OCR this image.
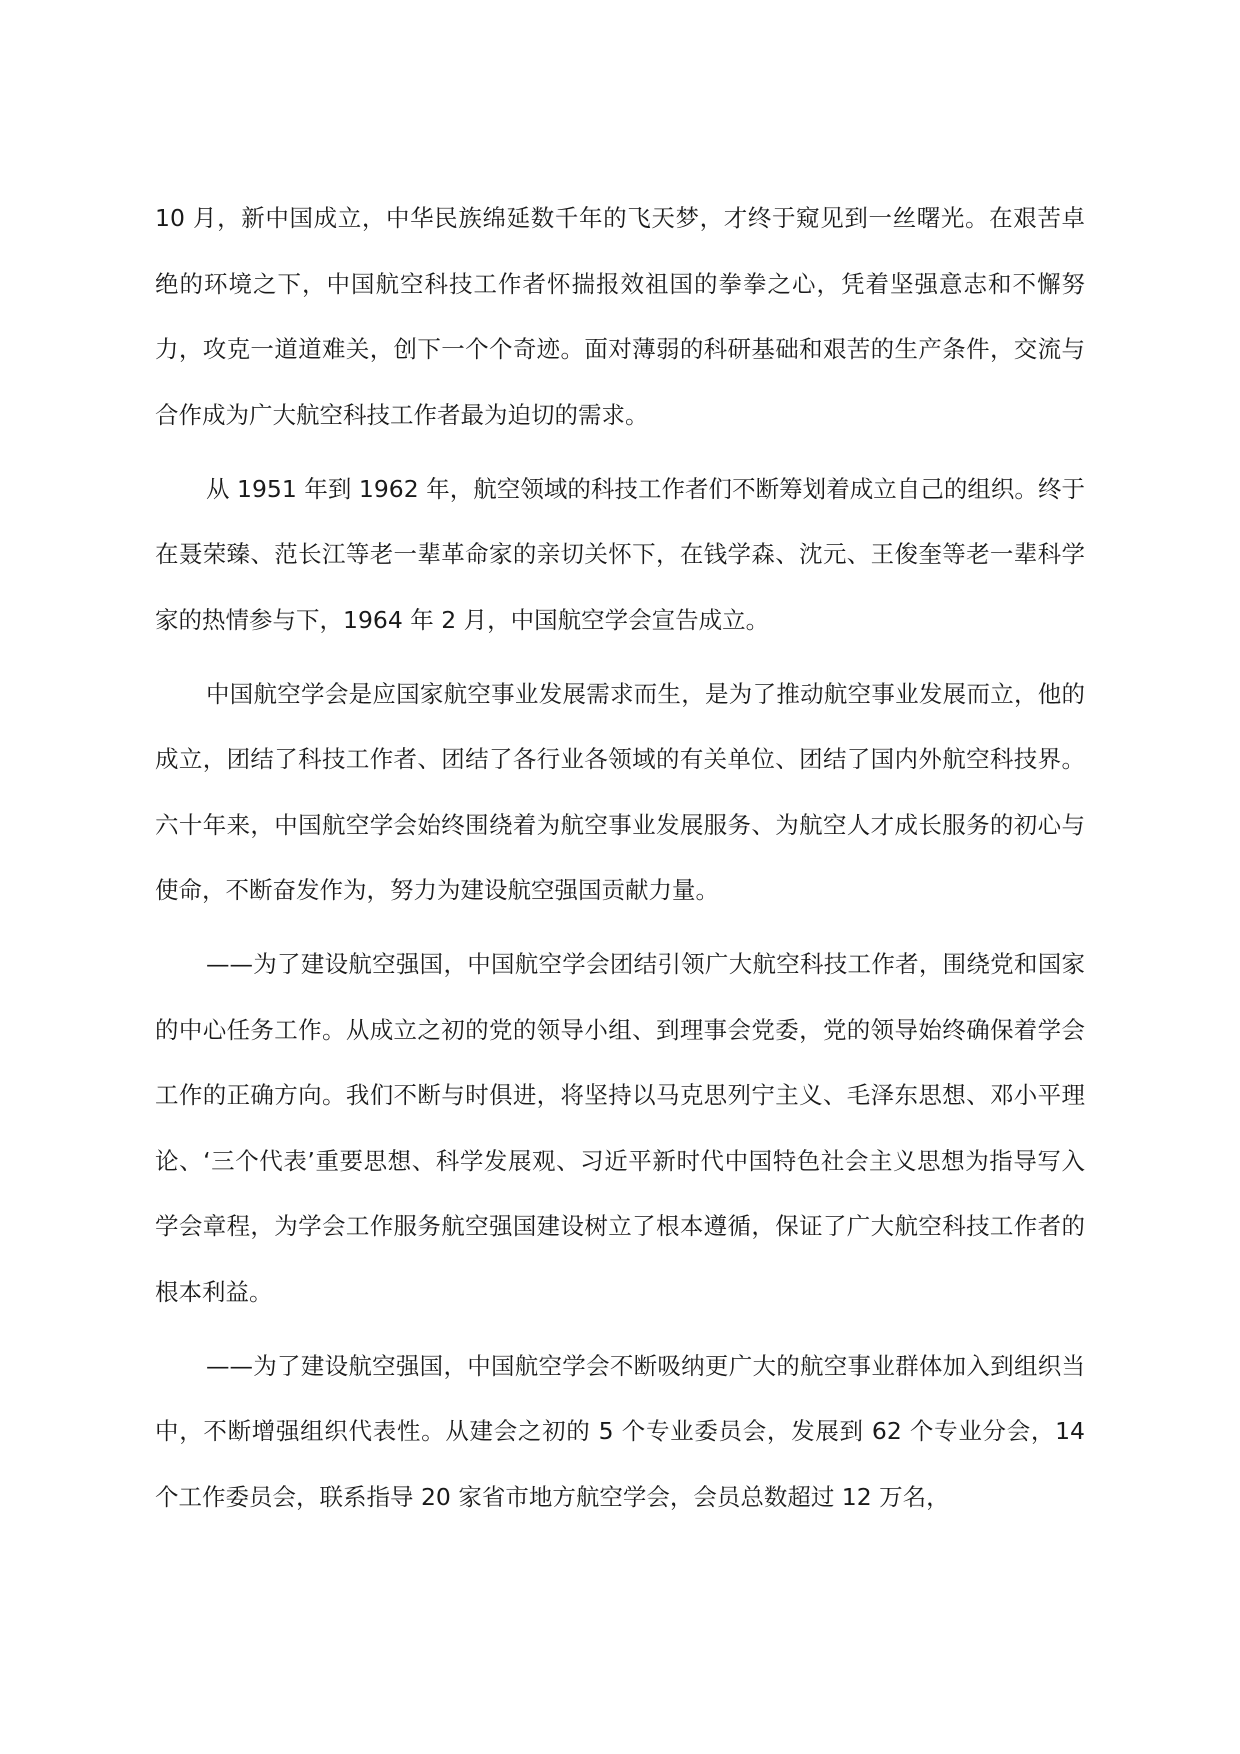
10 月，新中国成立，中华民族绵延数千年的飞天梦，才终于窥见到一丝曙光。在艰苦卓绝的环境之下，中国航空科技工作者怀揣报效祖国的拳拳之心，凭着坚强意志和不懈努力，攻克一道道难关，创下一个个奇迹。面对薄弱的科研基础和艰苦的生产条件，交流与合作成为广大航空科技工作者最为迫切的需求。

从 1951 年到 1962 年，航空领域的科技工作者们不断筹划着成立自己的组织。终于在聂荣臻、范长江等老一辈革命家的亲切关怀下，在钱学森、沈元、王俊奎等老一辈科学家的热情参与下，1964 年 2 月，中国航空学会宣告成立。

中国航空学会是应国家航空事业发展需求而生，是为了推动航空事业发展而立，他的成立，团结了科技工作者、团结了各行业各领域的有关单位、团结了国内外航空科技界。六十年来，中国航空学会始终围绕着为航空事业发展服务、为航空人才成长服务的初心与使命，不断奋发作为，努力为建设航空强国贡献力量。

——为了建设航空强国，中国航空学会团结引领广大航空科技工作者，围绕党和国家的中心任务工作。从成立之初的党的领导小组、到理事会党委，党的领导始终确保着学会工作的正确方向。我们不断与时俱进，将坚持以马克思列宁主义、毛泽东思想、邓小平理论、‘三个代表’重要思想、科学发展观、习近平新时代中国特色社会主义思想为指导写入学会章程，为学会工作服务航空强国建设树立了根本遵循，保证了广大航空科技工作者的根本利益。

——为了建设航空强国，中国航空学会不断吸纳更广大的航空事业群体加入到组织当中，不断增强组织代表性。从建会之初的 5 个专业委员会，发展到 62 个专业分会，14 个工作委员会，联系指导 20 家省市地方航空学会，会员总数超过 12 万名，
